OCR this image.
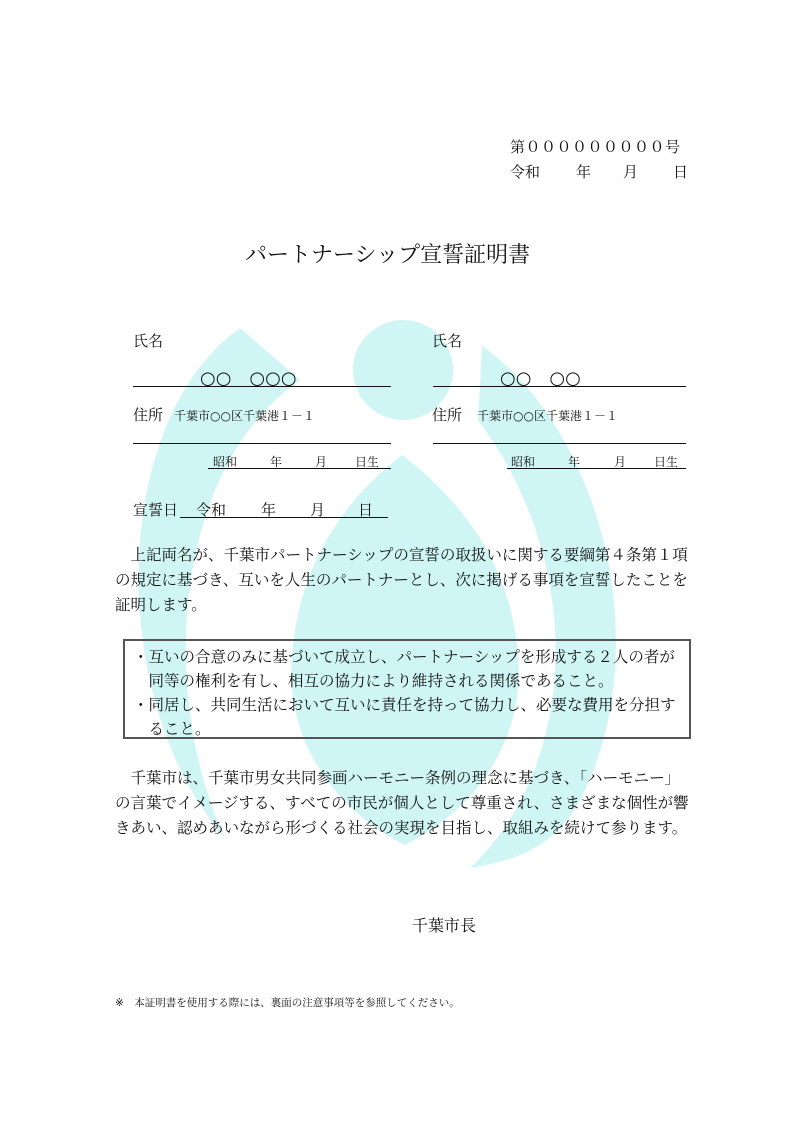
第０００００００００号
令和 年 月 日
パートナーシップ宣誓証明書
氏名
○○　○○○
住所 千葉市○○区千葉港１－１
昭和	年	月 日生
氏名
○○　○○
住所 千葉市○○区千葉港１－１
昭和	年	月 日生
宣誓日 令和 年 月 日
上記両名が、千葉市パートナーシップの宣誓の取扱いに関する要綱第４条第１項の規定に基づき、互いを人生のパートナーとし、次に掲げる事項を宣誓したことを証明します。
・互いの合意のみに基づいて成立し、パートナーシップを形成する２人の者が同等の権利を有し、相互の協力により維持される関係であること。
・同居し、共同生活において互いに責任を持って協力し、必要な費用を分担すること。
千葉市は、千葉市男女共同参画ハーモニー条例の理念に基づき、「ハーモニー」の言葉でイメージする、すべての市民が個人として尊重され、さまざまな個性が響きあい、認めあいながら形づくる社会の実現を目指し、取組みを続けて参ります。
千葉市長
※　本証明書を使用する際には、裏面の注意事項等を参照してください。
